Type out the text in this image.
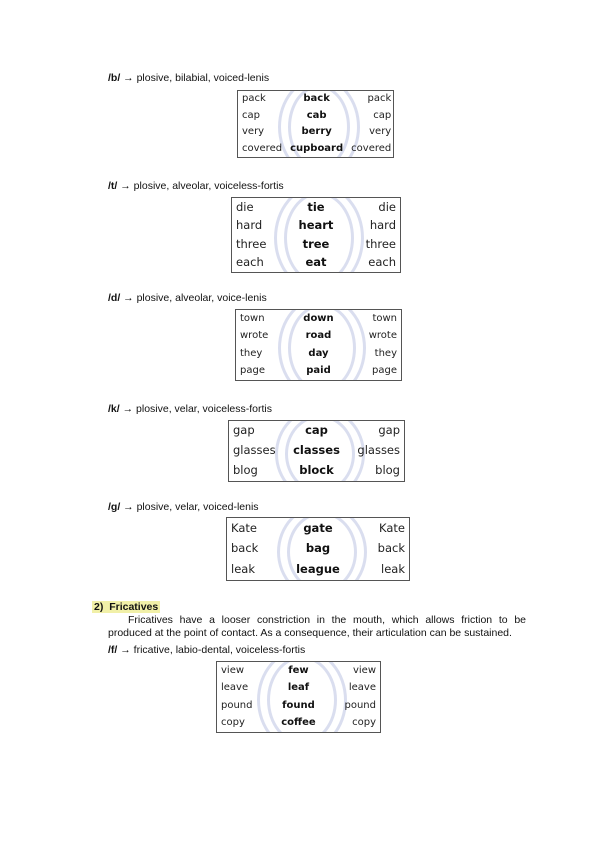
/b/ → plosive, bilabial, voiced-lenis
pack	back	pack
cap	cab	cap
very	berry	very
covered	cupboard	covered
/t/ → plosive, alveolar, voiceless-fortis
die	tie	die
hard	heart	hard
three	tree	three
each	eat	each
/d/ → plosive, alveolar, voice-lenis
town	down	town
wrote	road	wrote
they	day	they
page	paid	page
/k/ → plosive, velar, voiceless-fortis
gap	cap	gap
glasses	classes	glasses
blog	block	blog
/g/ → plosive, velar, voiced-lenis
Kate	gate	Kate
back	bag	back
leak	league	leak
2) Fricatives
Fricatives have a looser constriction in the mouth, which allows friction to be produced at the point of contact. As a consequence, their articulation can be sustained.
/f/ → fricative, labio-dental, voiceless-fortis
view	few	view
leave	leaf	leave
pound	found	pound
copy	coffee	copy
